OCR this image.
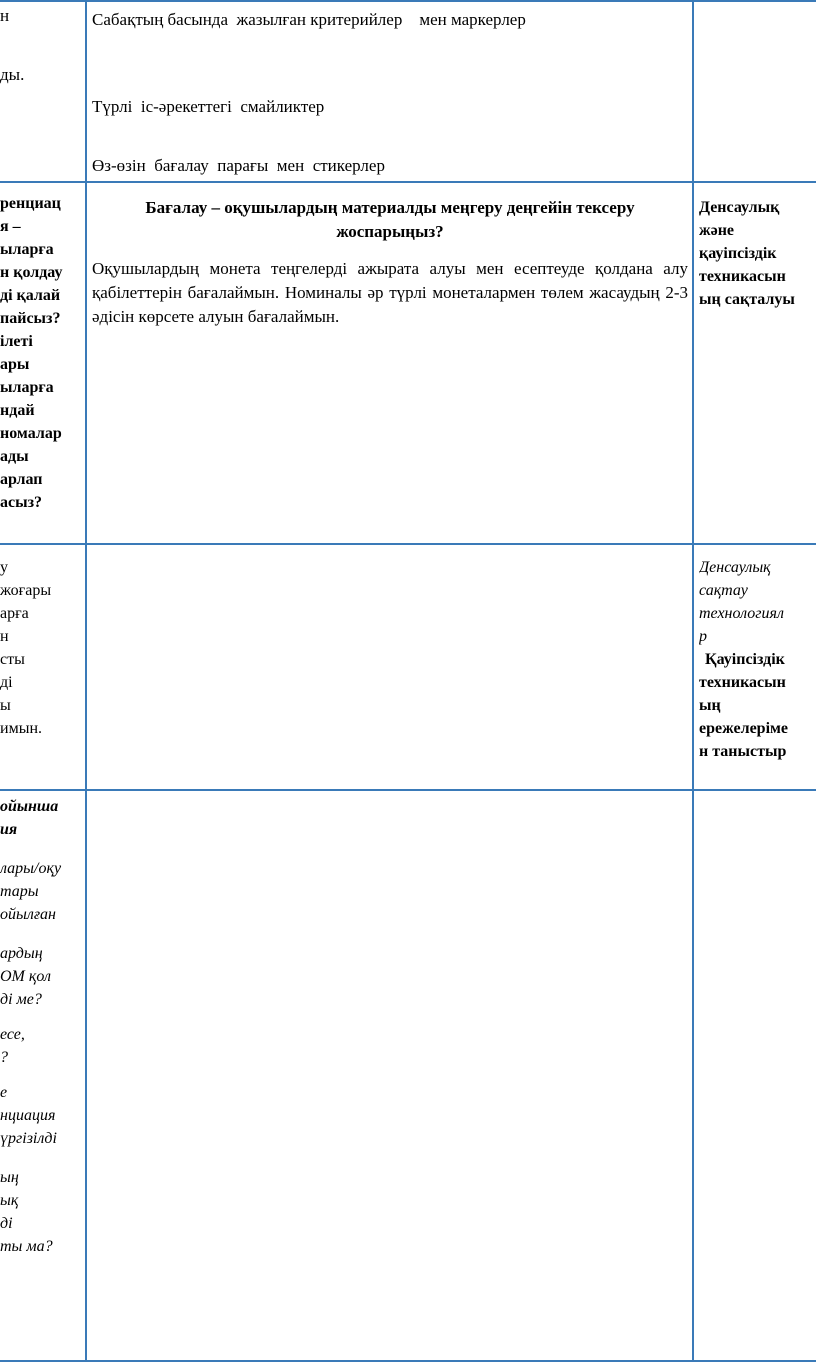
н

ды.

Сабақтың басында  жазылған критерийлер    мен маркерлер

Түрлі  іс-әрекеттегі  смайликтер

Өз-өзін  бағалау  парағы  мен  стикерлер

ренциац

я –

ыларға

н қолдау

ді қалай

пайсыз?

ілеті

ары

ыларға

ндай

номалар

ады

арлап

асыз?

Бағалау – оқушылардың материалды меңгеру деңгейін тексеру жоспарыңыз?

Оқушылардың монета теңгелерді ажырата алуы мен есептеуде қолдана алу қабілеттерін бағалаймын. Номиналы әр түрлі монеталармен төлем жасаудың 2-3 әдісін көрсете алуын бағалаймын.

Денсаулық

және

қауіпсіздік

техникасын

ың сақталуы

у

жоғары

арға

н

сты

ді

ы

имын.

Денсаулық

сақтау

технологиял

р

Қауіпсіздік

техникасын

ың

ережелеріме

н таныстыр

ойынша

ия

лары/оқу

тары

ойылған

ардың

ОМ қол

ді ме?

есе,

?

е

нциация

үргізілді

ың

ық

ді

ты ма?
